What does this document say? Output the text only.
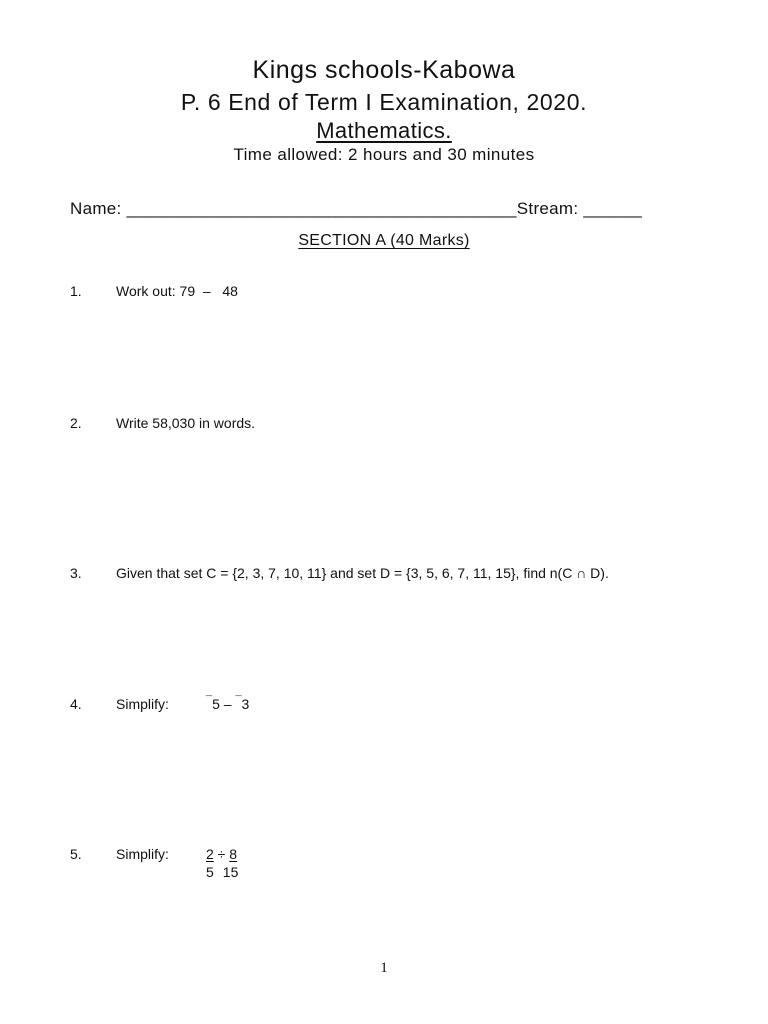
Kings schools-Kabowa
P. 6 End of Term I Examination, 2020.
Mathematics.
Time allowed: 2 hours and 30 minutes
Name: ________________________________________Stream: ______
SECTION A (40 Marks)
1.	Work out: 79  –   48
2.	Write 58,030 in words.
3.	Given that set C = {2, 3, 7, 10, 11} and set D = {3, 5, 6, 7, 11, 15}, find n(C ∩ D).
4.	Simplify:	¯5 – ¯3
5.	Simplify:	2 ÷ 8
5 15
1
